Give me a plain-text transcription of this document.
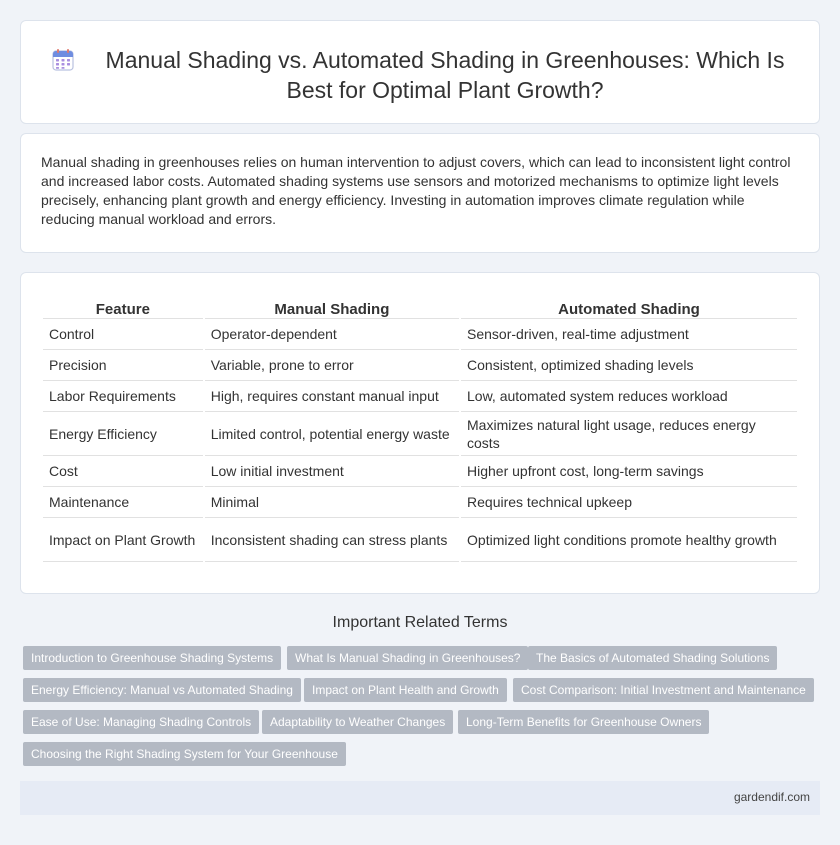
Manual Shading vs. Automated Shading in Greenhouses: Which Is Best for Optimal Plant Growth?

Manual shading in greenhouses relies on human intervention to adjust covers, which can lead to inconsistent light control and increased labor costs. Automated shading systems use sensors and motorized mechanisms to optimize light levels precisely, enhancing plant growth and energy efficiency. Investing in automation improves climate regulation while reducing manual workload and errors.

Feature	Manual Shading	Automated Shading
Control	Operator-dependent	Sensor-driven, real-time adjustment
Precision	Variable, prone to error	Consistent, optimized shading levels
Labor Requirements	High, requires constant manual input	Low, automated system reduces workload
Energy Efficiency	Limited control, potential energy waste	Maximizes natural light usage, reduces energy costs
Cost	Low initial investment	Higher upfront cost, long-term savings
Maintenance	Minimal	Requires technical upkeep
Impact on Plant Growth	Inconsistent shading can stress plants	Optimized light conditions promote healthy growth
Important Related Terms
Introduction to Greenhouse Shading Systems	What Is Manual Shading in Greenhouses?	The Basics of Automated Shading Solutions
Energy Efficiency: Manual vs Automated Shading	Impact on Plant Health and Growth	Cost Comparison: Initial Investment and Maintenance
Ease of Use: Managing Shading Controls	Adaptability to Weather Changes	Long-Term Benefits for Greenhouse Owners
Choosing the Right Shading System for Your Greenhouse
gardendif.com
